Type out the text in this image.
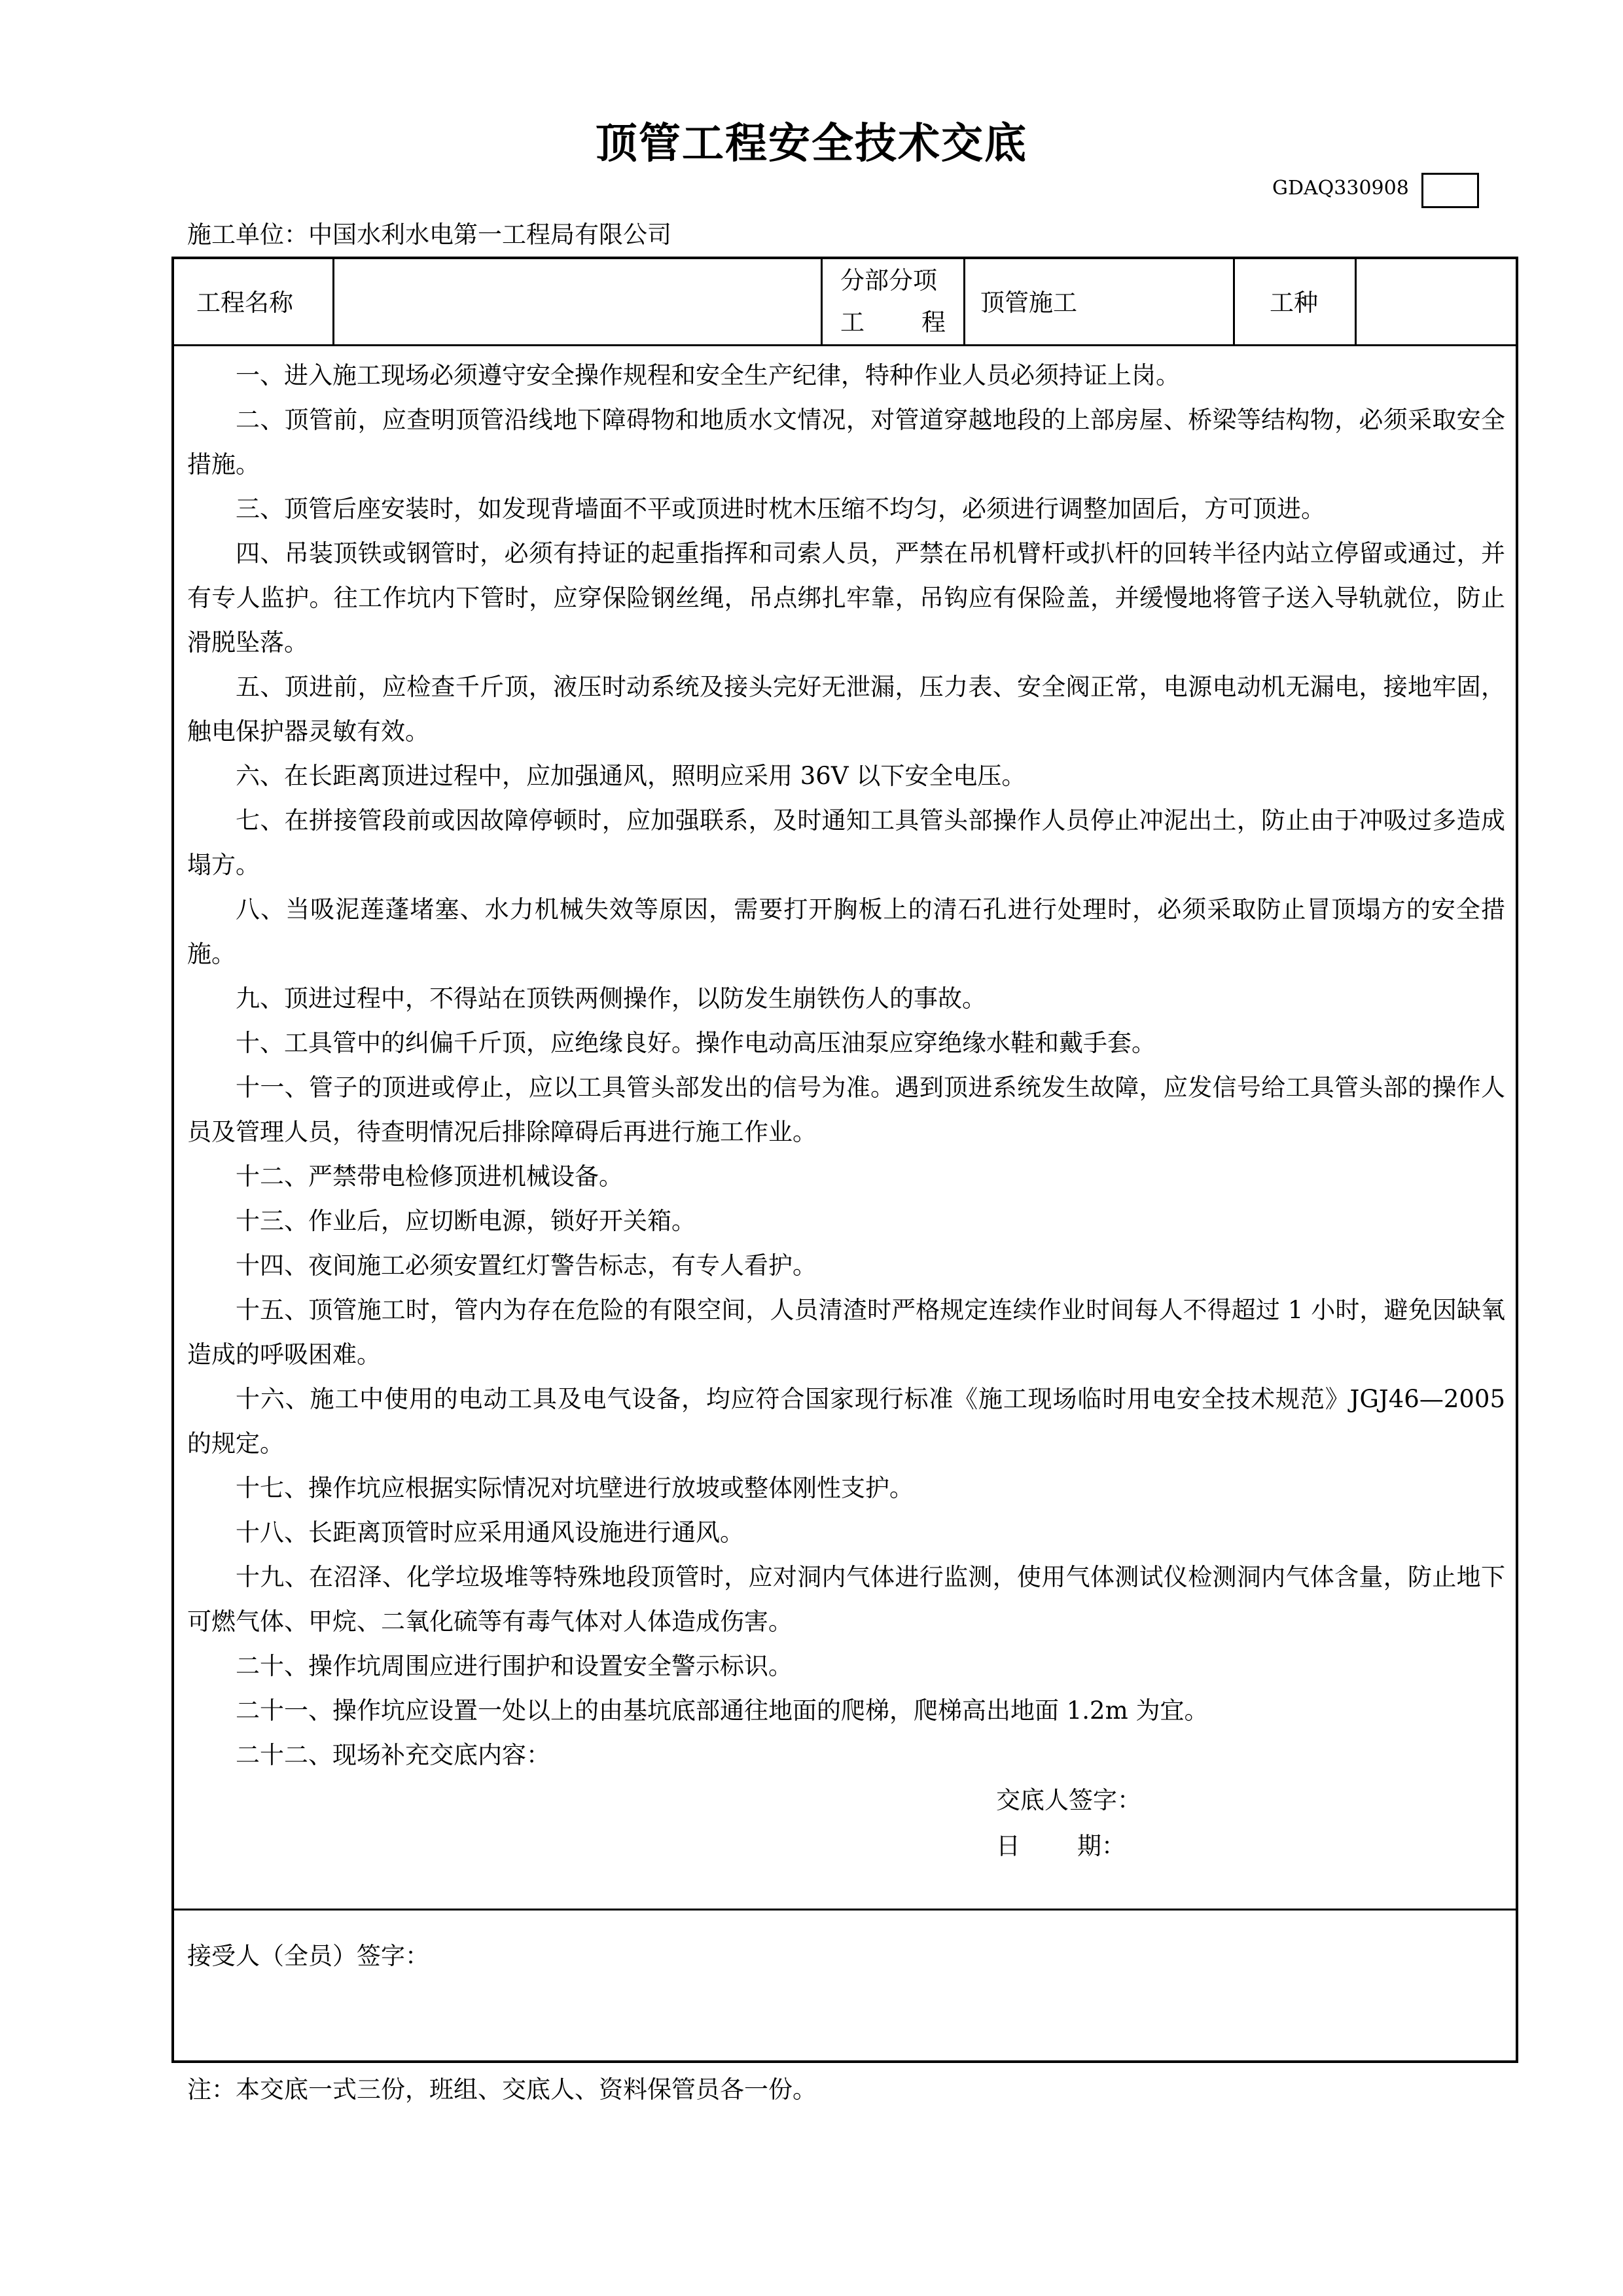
顶管工程安全技术交底
GDAQ330908
施工单位：中国水利水电第一工程局有限公司
工程名称
分部分项
工 程
顶管施工	工种

一、进入施工现场必须遵守安全操作规程和安全生产纪律，特种作业人员必须持证上岗。

二、顶管前，应查明顶管沿线地下障碍物和地质水文情况，对管道穿越地段的上部房屋、桥梁等结构物，必须采取安全措施。

三、顶管后座安装时，如发现背墙面不平或顶进时枕木压缩不均匀，必须进行调整加固后，方可顶进。

四、吊装顶铁或钢管时，必须有持证的起重指挥和司索人员，严禁在吊机臂杆或扒杆的回转半径内站立停留或通过，并有专人监护。往工作坑内下管时，应穿保险钢丝绳，吊点绑扎牢靠，吊钩应有保险盖，并缓慢地将管子送入导轨就位，防止滑脱坠落。

五、顶进前，应检查千斤顶，液压时动系统及接头完好无泄漏，压力表、安全阀正常，电源电动机无漏电，接地牢固，触电保护器灵敏有效。

六、在长距离顶进过程中，应加强通风，照明应采用 36V 以下安全电压。

七、在拼接管段前或因故障停顿时，应加强联系，及时通知工具管头部操作人员停止冲泥出土，防止由于冲吸过多造成塌方。

八、当吸泥莲蓬堵塞、水力机械失效等原因，需要打开胸板上的清石孔进行处理时，必须采取防止冒顶塌方的安全措施。

九、顶进过程中，不得站在顶铁两侧操作，以防发生崩铁伤人的事故。

十、工具管中的纠偏千斤顶，应绝缘良好。操作电动高压油泵应穿绝缘水鞋和戴手套。

十一、管子的顶进或停止，应以工具管头部发出的信号为准。遇到顶进系统发生故障，应发信号给工具管头部的操作人员及管理人员，待查明情况后排除障碍后再进行施工作业。

十二、严禁带电检修顶进机械设备。

十三、作业后，应切断电源，锁好开关箱。

十四、夜间施工必须安置红灯警告标志，有专人看护。

十五、顶管施工时，管内为存在危险的有限空间，人员清渣时严格规定连续作业时间每人不得超过 1 小时，避免因缺氧造成的呼吸困难。

十六、施工中使用的电动工具及电气设备，均应符合国家现行标准《施工现场临时用电安全技术规范》JGJ46—2005 的规定。

十七、操作坑应根据实际情况对坑壁进行放坡或整体刚性支护。

十八、长距离顶管时应采用通风设施进行通风。

十九、在沼泽、化学垃圾堆等特殊地段顶管时，应对洞内气体进行监测，使用气体测试仪检测洞内气体含量，防止地下可燃气体、甲烷、二氧化硫等有毒气体对人体造成伤害。

二十、操作坑周围应进行围护和设置安全警示标识。

二十一、操作坑应设置一处以上的由基坑底部通往地面的爬梯，爬梯高出地面 1.2m 为宜。

二十二、现场补充交底内容：

交底人签字：
日 期：
接受人（全员）签字：
注：本交底一式三份，班组、交底人、资料保管员各一份。
